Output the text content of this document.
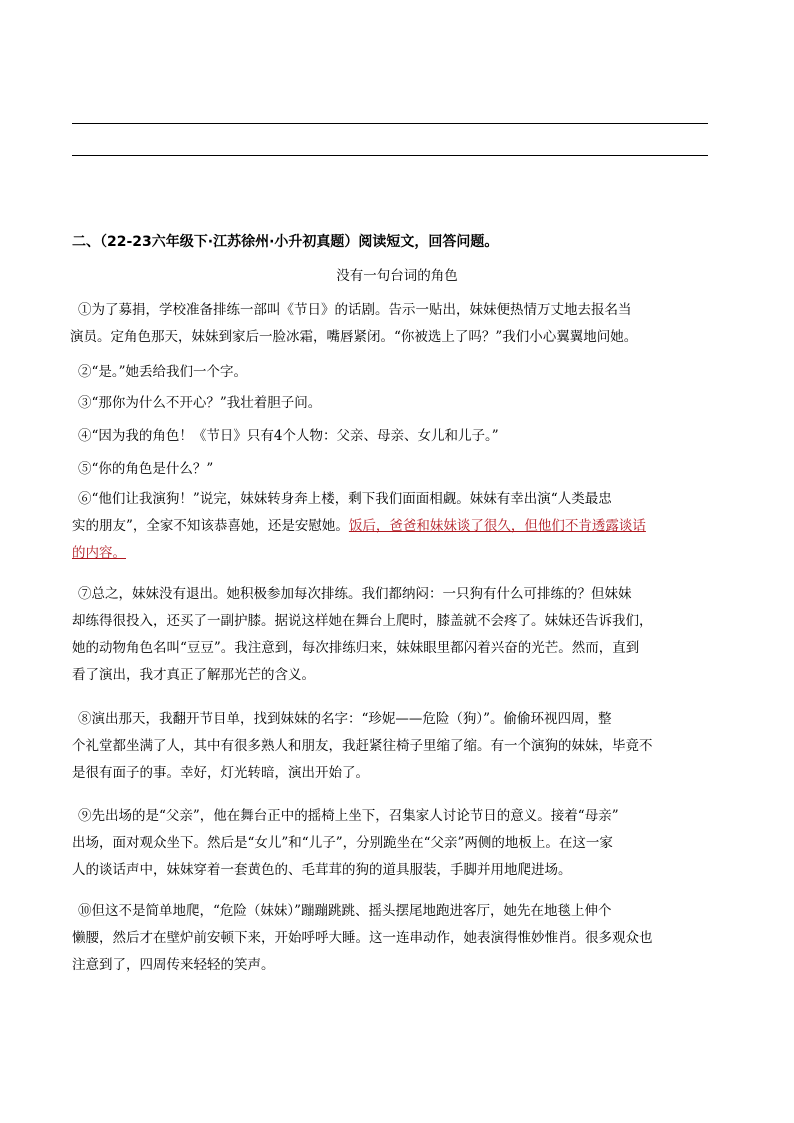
二、（22-23六年级下·江苏徐州·小升初真题）阅读短文，回答问题。
没有一句台词的角色
①为了募捐，学校准备排练一部叫《节日》的话剧。告示一贴出，妹妹便热情万丈地去报名当
演员。定角色那天，妹妹到家后一脸冰霜，嘴唇紧闭。“你被选上了吗？”我们小心翼翼地问她。
②“是。”她丢给我们一个字。
③“那你为什么不开心？”我壮着胆子问。
④“因为我的角色！《节日》只有4个人物：父亲、母亲、女儿和儿子。”
⑤“你的角色是什么？”
⑥“他们让我演狗！”说完，妹妹转身奔上楼，剩下我们面面相觑。妹妹有幸出演“人类最忠
实的朋友”，全家不知该恭喜她，还是安慰她。饭后，爸爸和妹妹谈了很久，但他们不肯透露谈话
的内容。
⑦总之，妹妹没有退出。她积极参加每次排练。我们都纳闷：一只狗有什么可排练的？但妹妹
却练得很投入，还买了一副护膝。据说这样她在舞台上爬时，膝盖就不会疼了。妹妹还告诉我们，
她的动物角色名叫“豆豆”。我注意到，每次排练归来，妹妹眼里都闪着兴奋的光芒。然而，直到
看了演出，我才真正了解那光芒的含义。
⑧演出那天，我翻开节目单，找到妹妹的名字：“珍妮——危险（狗）”。偷偷环视四周，整
个礼堂都坐满了人，其中有很多熟人和朋友，我赶紧往椅子里缩了缩。有一个演狗的妹妹，毕竟不
是很有面子的事。幸好，灯光转暗，演出开始了。
⑨先出场的是“父亲”，他在舞台正中的摇椅上坐下，召集家人讨论节日的意义。接着“母亲”
出场，面对观众坐下。然后是“女儿”和“儿子”，分别跪坐在“父亲”两侧的地板上。在这一家
人的谈话声中，妹妹穿着一套黄色的、毛茸茸的狗的道具服装，手脚并用地爬进场。
⑩但这不是简单地爬，“危险（妹妹）”蹦蹦跳跳、摇头摆尾地跑进客厅，她先在地毯上伸个
懒腰，然后才在壁炉前安顿下来，开始呼呼大睡。这一连串动作，她表演得惟妙惟肖。很多观众也
注意到了，四周传来轻轻的笑声。
